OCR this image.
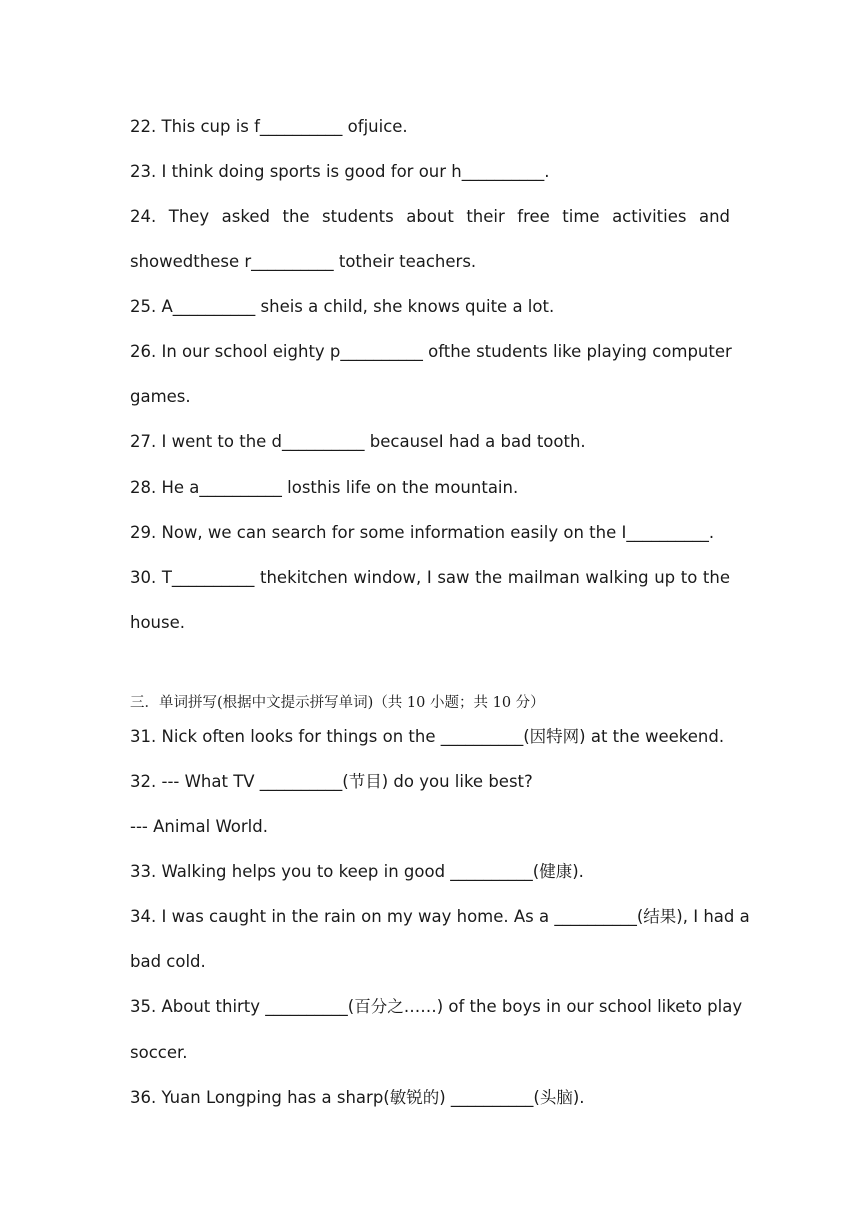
22. This cup is f__________ ofjuice.
23. I think doing sports is good for our h__________.
24. They asked the students about their free time activities and
showedthese r__________ totheir teachers.
25. A__________ sheis a child, she knows quite a lot.
26. In our school eighty p__________ ofthe students like playing computer
games.
27. I went to the d__________ becauseI had a bad tooth.
28. He a__________ losthis life on the mountain.
29. Now, we can search for some information easily on the I__________.
30. T__________ thekitchen window, I saw the mailman walking up to the
house.
三．单词拼写(根据中文提示拼写单词)（共 10 小题；共 10 分）
31. Nick often looks for things on the __________(因特网) at the weekend.
32. --- What TV __________(节目) do you like best?
--- Animal World.
33. Walking helps you to keep in good __________(健康).
34. I was caught in the rain on my way home. As a __________(结果), I had a
bad cold.
35. About thirty __________(百分之……) of the boys in our school liketo play
soccer.
36. Yuan Longping has a sharp(敏锐的) __________(头脑).
